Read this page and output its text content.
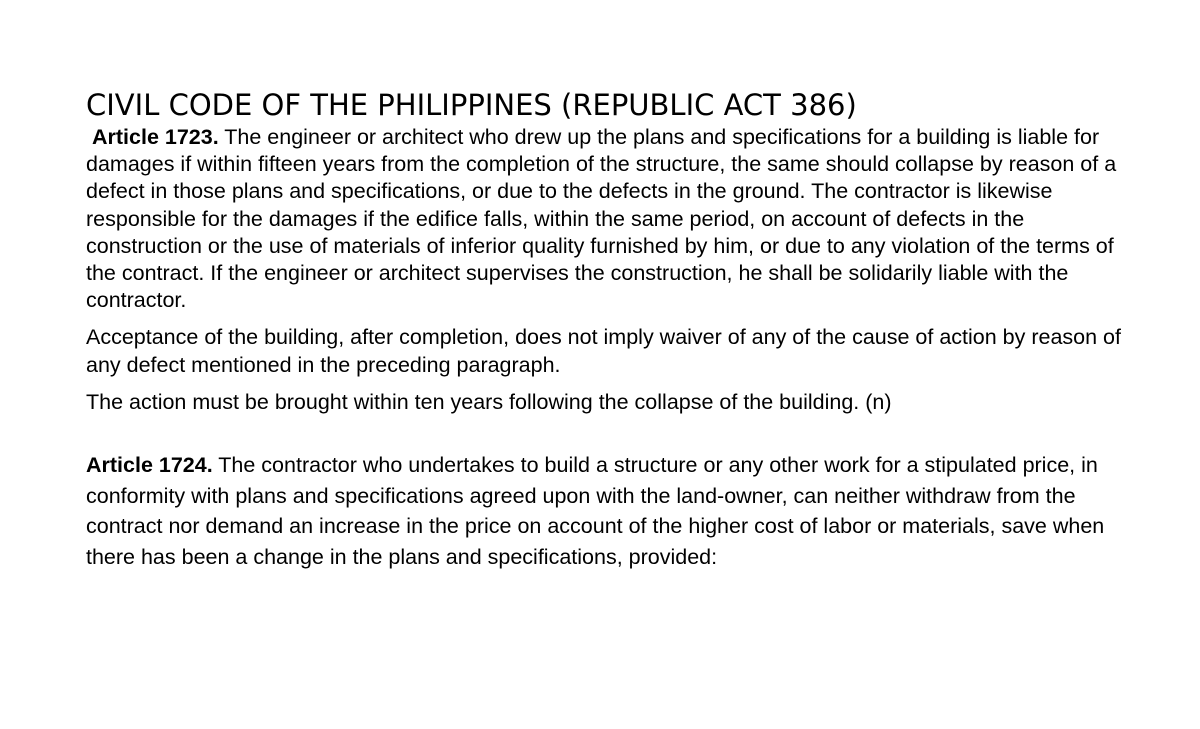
CIVIL CODE OF THE PHILIPPINES (REPUBLIC ACT 386)

Article 1723. The engineer or architect who drew up the plans and specifications for a building is liable for damages if within fifteen years from the completion of the structure, the same should collapse by reason of a defect in those plans and specifications, or due to the defects in the ground. The contractor is likewise responsible for the damages if the edifice falls, within the same period, on account of defects in the construction or the use of materials of inferior quality furnished by him, or due to any violation of the terms of the contract. If the engineer or architect supervises the construction, he shall be solidarily liable with the contractor.

Acceptance of the building, after completion, does not imply waiver of any of the cause of action by reason of any defect mentioned in the preceding paragraph.

The action must be brought within ten years following the collapse of the building. (n)

Article 1724. The contractor who undertakes to build a structure or any other work for a stipulated price, in conformity with plans and specifications agreed upon with the land-owner, can neither withdraw from the contract nor demand an increase in the price on account of the higher cost of labor or materials, save when there has been a change in the plans and specifications, provided:
